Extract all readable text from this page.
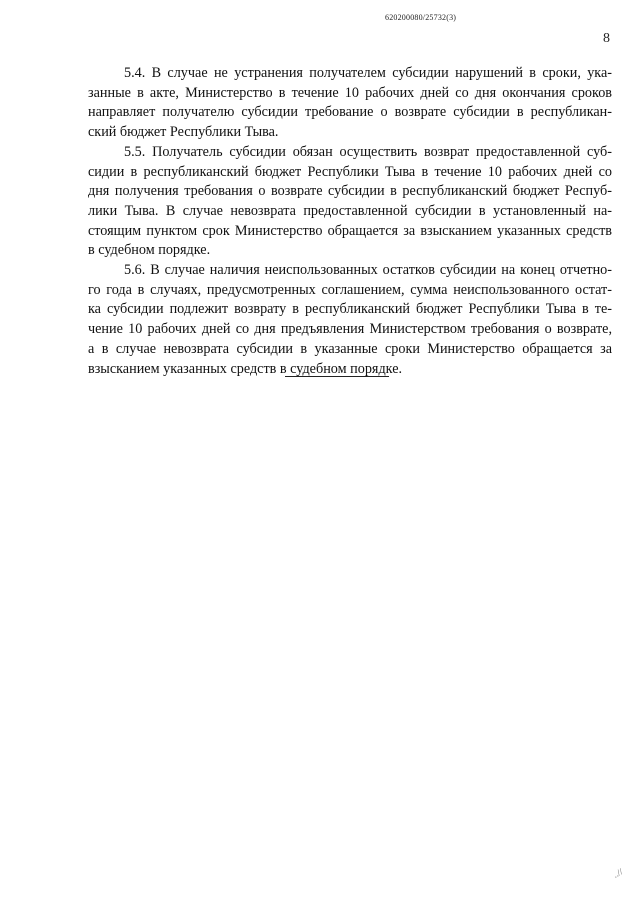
620200080/25732(3)
8

5.4. В случае не устранения получателем субсидии нарушений в сроки, ука-
занные в акте, Министерство в течение 10 рабочих дней со дня окончания сроков
направляет получателю субсидии требование о возврате субсидии в республикан-
ский бюджет Республики Тыва.

5.5. Получатель субсидии обязан осуществить возврат предоставленной суб-
сидии в республиканский бюджет Республики Тыва в течение 10 рабочих дней со
дня получения требования о возврате субсидии в республиканский бюджет Респуб-
лики Тыва. В случае невозврата предоставленной субсидии в установленный на-
стоящим пунктом срок Министерство обращается за взысканием указанных средств
в судебном порядке.

5.6. В случае наличия неиспользованных остатков субсидии на конец отчетно-
го года в случаях, предусмотренных соглашением, сумма неиспользованного остат-
ка субсидии подлежит возврату в республиканский бюджет Республики Тыва в те-
чение 10 рабочих дней со дня предъявления Министерством требования о возврате,
а в случае невозврата субсидии в указанные сроки Министерство обращается за
взысканием указанных средств в судебном порядке.

..//
